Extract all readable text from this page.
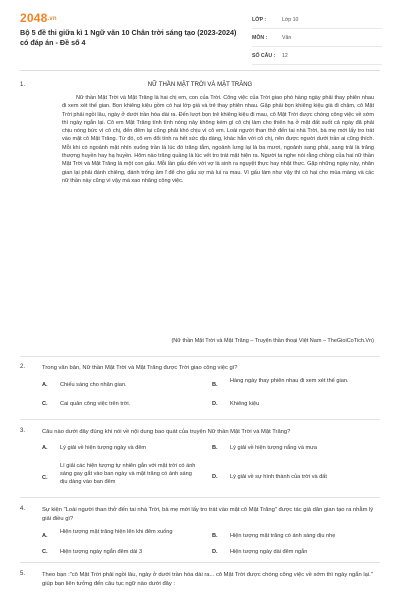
2048.vn
Bộ 5 đề thi giữa kì 1 Ngữ văn 10 Chân trời sáng tạo (2023-2024) có đáp án - Đề số 4
LỚP :	Lớp 10
MÔN :	Văn
SỐ CÂU :	12
1.	NỮ THẦN MẶT TRỜI VÀ MẶT TRĂNG
Nữ thần Mặt Trời và Mặt Trăng là hai chị em, con của Trời. Công việc của Trời giao phó hàng ngày phải thay phiên nhau đi xem xét thế gian. Bọn khiêng kiệu gồm có hai lớp già và trẻ thay phiên nhau. Gặp phải bọn khiêng kiệu già đi chậm, cô Mặt Trời phải ngồi lâu, ngày ở dưới trần hóa dài ra. Đến lượt bọn trẻ khiêng kiệu đi mau, cô Mặt Trời được chóng công việc về sớm thì ngày ngắn lại. Cô em Mặt Trăng tính tình nóng nảy không kém gì cô chị làm cho thiên hạ ở mặt đất suốt cả ngày đã phải chịu nóng bức vì cô chị, đến đêm lại cũng phải khó chịu vì cô em. Loài người than thở đến tai nhà Trời, bà mẹ mới lấy tro trát vào mặt cô Mặt Trăng. Từ đó, cô em đổi tính ra hết sức dịu dàng, khác hẳn với cô chị, nên được người dưới trần ai cũng thích. Mỗi khi có ngoảnh mặt nhìn xuống trần là lúc đó trăng tắm, ngoảnh lưng lại là ba mươi, ngoảnh sang phải, sang trái là trăng thượng huyền hay hạ huyền. Hôm nào trăng quầng là lúc vết tro trát mặt hiện ra. Người ta nghe nói rằng chồng của hai nữ thần Mặt Trời và Mặt Trăng là một con gấu. Mỗi lần gấu đến với vợ là sinh ra nguyệt thực hay nhật thực. Gặp những ngày này, nhân gian lại phải đánh chiêng, đánh trống ầm ĩ để cho gấu sợ mà lui ra mau. Vì gấu làm như vậy thì có hại cho mùa màng và các nữ thần này cũng vì vậy mà xao nhãng công việc.
(Nữ thần Mặt Trời và Mặt Trăng – Truyện thần thoại Việt Nam – TheGioiCoTich.Vn)
2.	Trong văn bản, Nữ thần Mặt Trời và Mặt Trăng được Trời giao công việc gì?
A. Chiếu sáng cho nhân gian.	B.
Hàng ngày thay phiên nhau đi xem xét thế gian.
C. Cai quản công việc trên trời.	D. Khiêng kiệu
3.	Câu nào dưới đây đúng khi nói về nội dung bao quát của truyện Nữ thần Mặt Trời và Mặt Trăng?
A. Lý giải về hiện tượng ngày và đêm	B. Lý giải về hiện tượng nắng và mưa
C.
Lí giải các hiện tượng tự nhiên gắn với mặt trời có ánh sáng gay gắt vào ban ngày và mặt trăng có ánh sáng dịu dàng vào ban đêm
D. Lý giải về sự hình thành của trời và đất
4.	Sự kiện "Loài người than thở đến tai nhà Trời, bà mẹ mới lấy tro trát vào mặt cô Mặt Trăng" được tác giả dân gian tạo ra nhằm lý giải điều gì?
A.
Hiện tượng mặt trăng hiện lên khi đêm xuống
B. Hiện tượng mặt trăng có ánh sáng dịu nhẹ
C. Hiện tượng ngày ngắn đêm dài 3	D. Hiện tượng ngày dài đêm ngắn
5.	Theo bạn :"cô Mặt Trời phải ngồi lâu, ngày ở dưới trần hóa dài ra... cô Mặt Trời được chóng công việc về sớm thì ngày ngắn lại." giúp bạn liên tưởng đến câu tục ngữ nào dưới đây :
